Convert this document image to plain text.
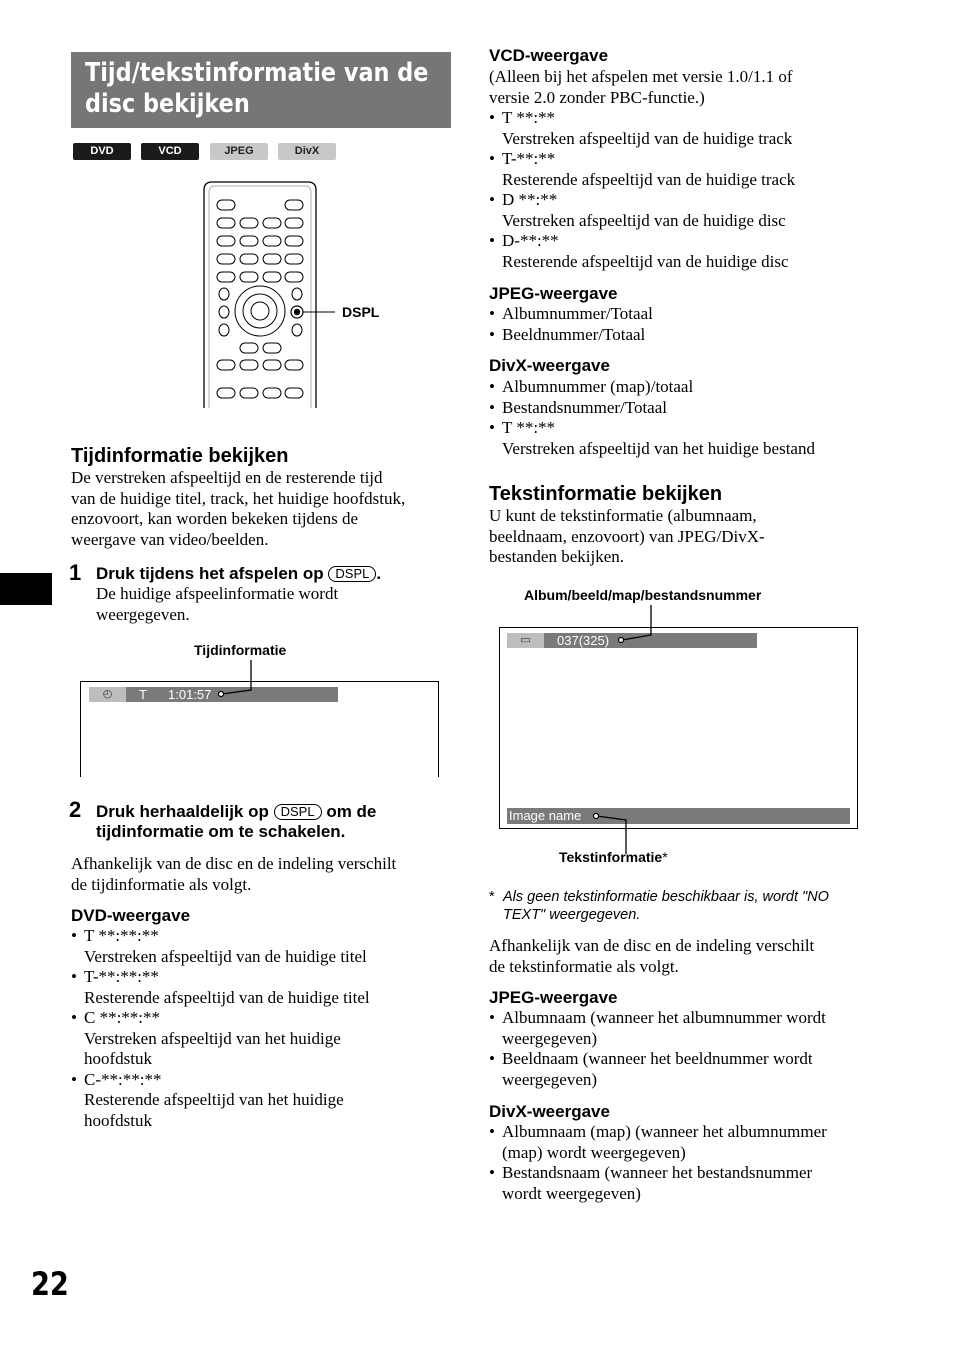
Tijd/tekstinformatie van de disc bekijken
DVD	VCD	JPEG	DivX
DSPL
Tijdinformatie bekijken
De verstreken afspeeltijd en de resterende tijd
van de huidige titel, track, het huidige hoofdstuk,
enzovoort, kan worden bekeken tijdens de
weergave van video/beelden.
1 Druk tijdens het afspelen op DSPL .
De huidige afspeelinformatie wordt
weergegeven.
Tijdinformatie
◴	T 1:01:57
2 Druk herhaaldelijk op DSPL om de
tijdinformatie om te schakelen.
Afhankelijk van de disc en de indeling verschilt
de tijdinformatie als volgt.
DVD-weergave
• T **:**:**
Verstreken afspeeltijd van de huidige titel
• T-**:**:**
Resterende afspeeltijd van de huidige titel
• C **:**:**
Verstreken afspeeltijd van het huidige
hoofdstuk
• C-**:**:**
Resterende afspeeltijd van het huidige
hoofdstuk
22
VCD-weergave
(Alleen bij het afspelen met versie 1.0/1.1 of
versie 2.0 zonder PBC-functie.)
• T **:**
Verstreken afspeeltijd van de huidige track
• T-**:**
Resterende afspeeltijd van de huidige track
• D **:**
Verstreken afspeeltijd van de huidige disc
• D-**:**
Resterende afspeeltijd van de huidige disc
JPEG-weergave
• Albumnummer/Totaal
• Beeldnummer/Totaal
DivX-weergave
• Albumnummer (map)/totaal
• Bestandsnummer/Totaal
• T **:**
Verstreken afspeeltijd van het huidige bestand
Tekstinformatie bekijken
U kunt de tekstinformatie (albumnaam,
beeldnaam, enzovoort) van JPEG/DivX-
bestanden bekijken.
Album/beeld/map/bestandsnummer
▭	037(325)
Image name
Tekstinformatie*
* Als geen tekstinformatie beschikbaar is, wordt "NO
TEXT" weergegeven.
Afhankelijk van de disc en de indeling verschilt
de tekstinformatie als volgt.
JPEG-weergave
• Albumnaam (wanneer het albumnummer wordt
weergegeven)
• Beeldnaam (wanneer het beeldnummer wordt
weergegeven)
DivX-weergave
• Albumnaam (map) (wanneer het albumnummer
(map) wordt weergegeven)
• Bestandsnaam (wanneer het bestandsnummer
wordt weergegeven)
